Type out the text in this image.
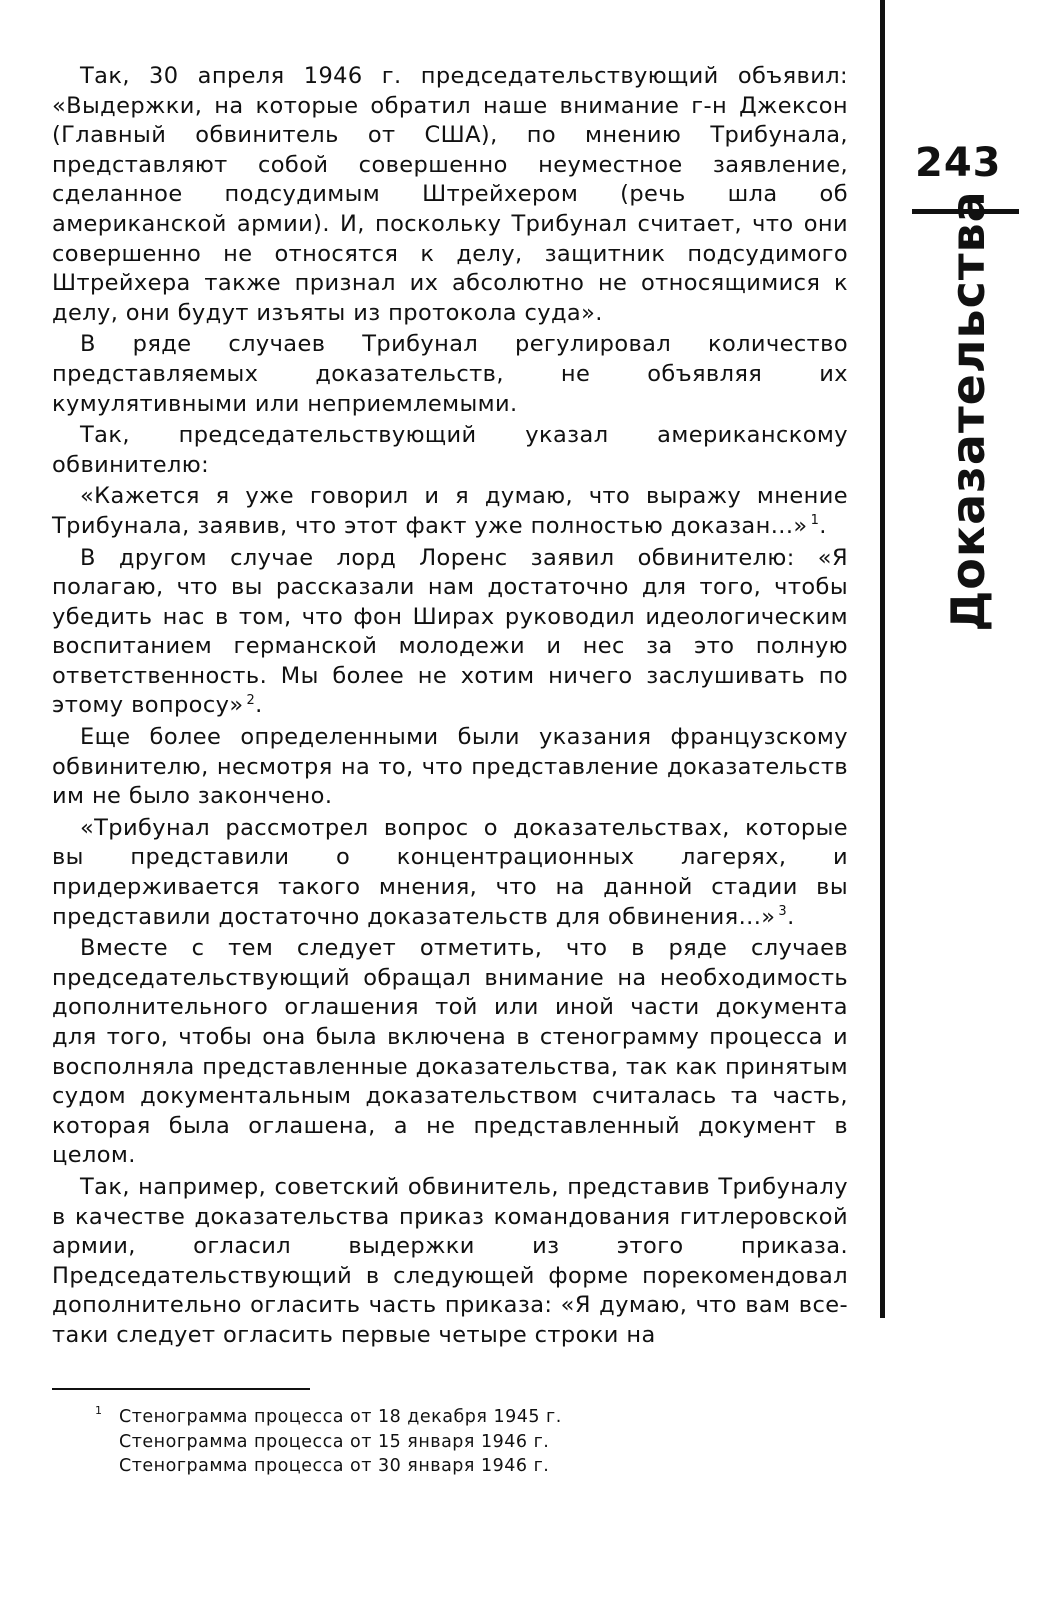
243
Доказательства

Так, 30 апреля 1946 г. председательствующий объявил: «Выдержки, на которые обратил наше внимание г-н Джексон (Главный обвинитель от США), по мнению Трибунала, представляют собой совершенно неуместное заявление, сделанное подсудимым Штрейхером (речь шла об американской армии). И, поскольку Трибунал считает, что они совершенно не относятся к делу, защитник подсудимого Штрейхера также признал их абсолютно не относящимися к делу, они будут изъяты из протокола суда».

В ряде случаев Трибунал регулировал количество представляемых доказательств, не объявляя их кумулятивными или неприемлемыми.

Так, председательствующий указал американскому обвинителю:

«Кажется я уже говорил и я думаю, что выражу мнение Трибунала, заявив, что этот факт уже полностью доказан...» $^1$.

В другом случае лорд Лоренс заявил обвинителю: «Я полагаю, что вы рассказали нам достаточно для того, чтобы убедить нас в том, что фон Ширах руководил идеологическим воспитанием германской молодежи и нес за это полную ответственность. Мы более не хотим ничего заслушивать по этому вопросу» $^2$.

Еще более определенными были указания французскому обвинителю, несмотря на то, что представление доказательств им не было закончено.

«Трибунал рассмотрел вопрос о доказательствах, которые вы представили о концентрационных лагерях, и придерживается такого мнения, что на данной стадии вы представили достаточно доказательств для обвинения...» $^3$.

Вместе с тем следует отметить, что в ряде случаев председательствующий обращал внимание на необходимость дополнительного оглашения той или иной части документа для того, чтобы она была включена в стенограмму процесса и восполняла представленные доказательства, так как принятым судом документальным доказательством считалась та часть, которая была оглашена, а не представленный документ в целом.

Так, например, советский обвинитель, представив Трибуналу в качестве доказательства приказ командования гитлеровской армии, огласил выдержки из этого приказа. Председательствующий в следующей форме порекомендовал дополнительно огласить часть приказа: «Я думаю, что вам все-таки следует огласить первые четыре строки на

1 Стенограмма процесса от 18 декабря 1945 г.
Стенограмма процесса от 15 января 1946 г.
Стенограмма процесса от 30 января 1946 г.
